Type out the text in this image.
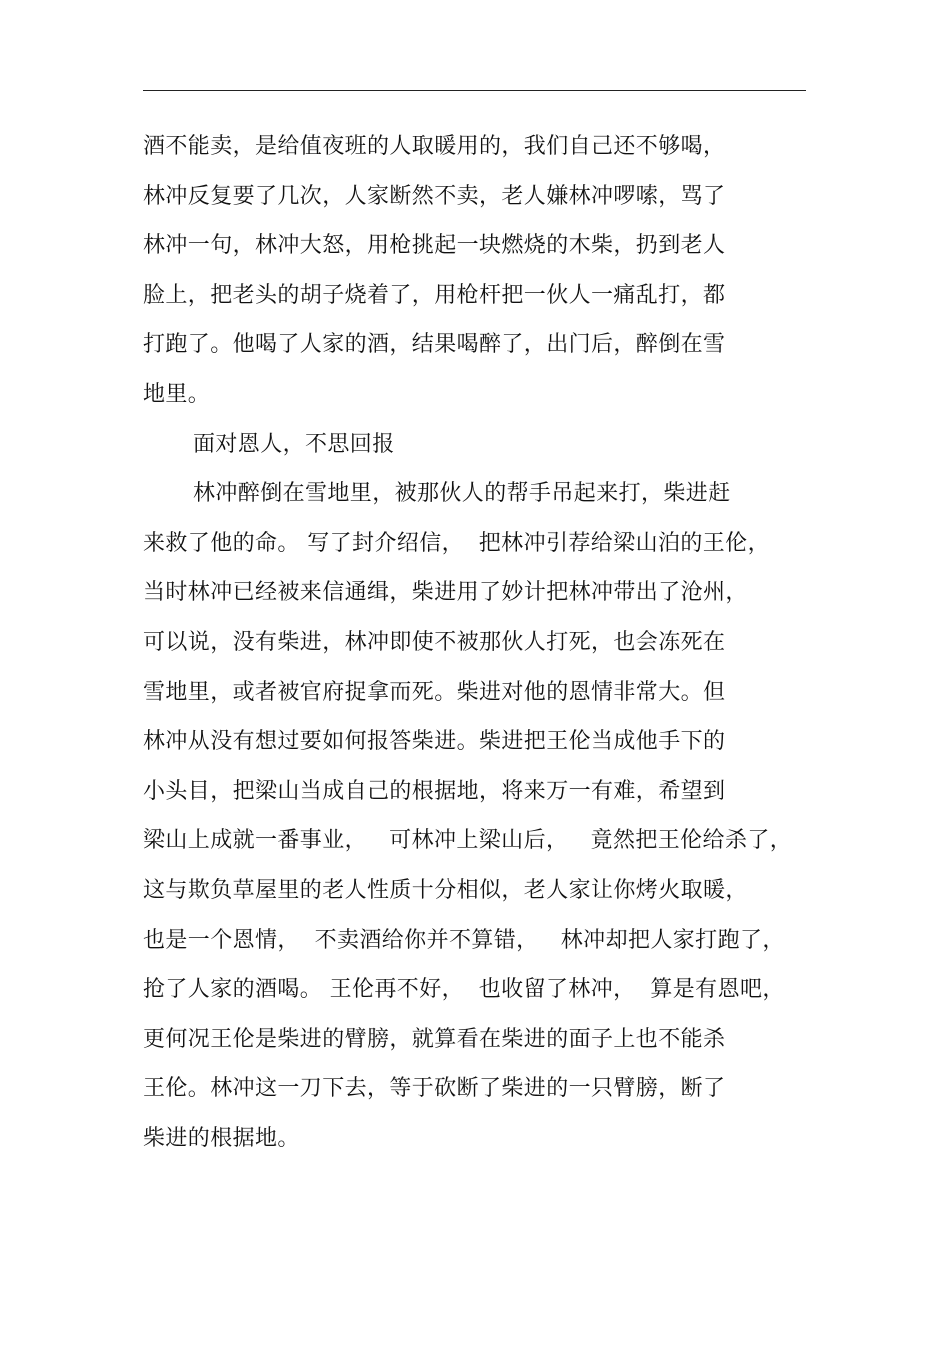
酒不能卖，是给值夜班的人取暖用的，我们自己还不够喝，
林冲反复要了几次，人家断然不卖，老人嫌林冲啰嗦，骂了
林冲一句，林冲大怒，用枪挑起一块燃烧的木柴，扔到老人
脸上，把老头的胡子烧着了，用枪杆把一伙人一痛乱打，都
打跑了。他喝了人家的酒，结果喝醉了，出门后，醉倒在雪
地里。
面对恩人，不思回报
林冲醉倒在雪地里，被那伙人的帮手吊起来打，柴进赶
来救了他的命。 写了封介绍信，  把林冲引荐给梁山泊的王伦，
当时林冲已经被来信通缉，柴进用了妙计把林冲带出了沧州，
可以说，没有柴进，林冲即使不被那伙人打死，也会冻死在
雪地里，或者被官府捉拿而死。柴进对他的恩情非常大。但
林冲从没有想过要如何报答柴进。柴进把王伦当成他手下的
小头目，把梁山当成自己的根据地，将来万一有难，希望到
梁山上成就一番事业，   可林冲上梁山后，   竟然把王伦给杀了，
这与欺负草屋里的老人性质十分相似，老人家让你烤火取暖，
也是一个恩情，  不卖酒给你并不算错，   林冲却把人家打跑了，
抢了人家的酒喝。 王伦再不好，  也收留了林冲，  算是有恩吧，
更何况王伦是柴进的臂膀，就算看在柴进的面子上也不能杀
王伦。林冲这一刀下去，等于砍断了柴进的一只臂膀，断了
柴进的根据地。
